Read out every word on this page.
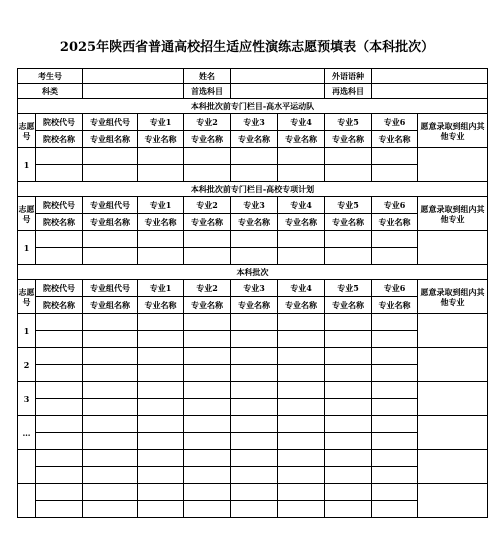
2025年陕西省普通高校招生适应性演练志愿预填表（本科批次）
考生号				姓名			外语语种		
科类				首选科目			再选科目		
本科批次前专门栏目-高水平运动队									
志愿号	院校代号	专业组代号	专业1	专业2	专业3	专业4	专业5	专业6	愿意录取到组内其他专业
	院校名称	专业组名称	专业名称	专业名称	专业名称	专业名称	专业名称	专业名称	
1									

本科批次前专门栏目-高校专项计划									
志愿号	院校代号	专业组代号	专业1	专业2	专业3	专业4	专业5	专业6	愿意录取到组内其他专业
	院校名称	专业组名称	专业名称	专业名称	专业名称	专业名称	专业名称	专业名称	
1									

本科批次									
志愿号	院校代号	专业组代号	专业1	专业2	专业3	专业4	专业5	专业6	愿意录取到组内其他专业
	院校名称	专业组名称	专业名称	专业名称	专业名称	专业名称	专业名称	专业名称	
1									

2									

3									

…									
